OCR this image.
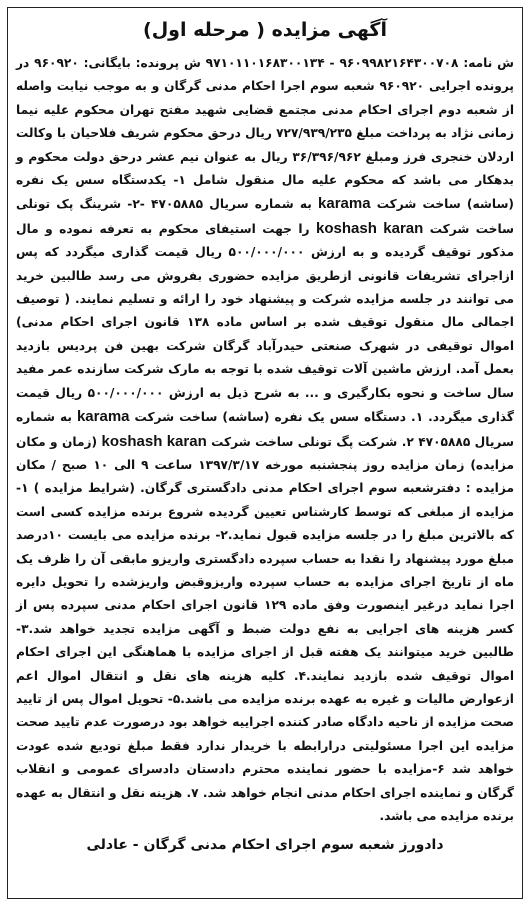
آگهی مزایده ( مرحله اول)

ش نامه: ۹۶۰۹۹۸۲۱۶۴۳۰۰۷۰۸ - ۹۷۱۰۱۱۰۱۶۸۳۰۰۱۳۴ ش پرونده: بایگانی: ۹۶۰۹۲۰ در پرونده اجرایی ۹۶۰۹۲۰ شعبه سوم اجرا احکام مدنی گرگان و به موجب نیابت واصله از شعبه دوم اجرای احکام مدنی مجتمع قضایی شهید مفتح تهران محکوم علیه نیما زمانی نژاد به پرداخت مبلغ ۷۲۷/۹۳۹/۲۳۵ ریال درحق محکوم شریف فلاحیان با وکالت اردلان خنجری فرز ومبلغ ۳۶/۳۹۶/۹۶۲ ریال به عنوان نیم عشر درحق دولت محکوم و بدهکار می باشد که محکوم علیه مال منقول شامل ۱- یکدستگاه سس یک نفره (ساشه) ساخت شرکت karama به شماره سریال ۴۷۰۵۸۸۵ -۲- شرینگ پک تونلی ساخت شرکت koshash karan را جهت استیفای محکوم به تعرفه نموده و مال مذکور توقیف گردیده و به ارزش ۵۰۰/۰۰۰/۰۰۰ ریال قیمت گذاری میگردد که پس ازاجرای تشریفات قانونی ازطریق مزایده حضوری بفروش می رسد طالبین خرید می توانند در جلسه مزایده شرکت و پیشنهاد خود را ارائه و تسلیم نمایند. ( توصیف اجمالی مال منقول توقیف شده بر اساس ماده ۱۳۸ قانون اجرای احکام مدنی) اموال توقیفی در شهرک صنعتی حیدرآباد گرگان شرکت بهین فن پردیس بازدید بعمل آمد. ارزش ماشین آلات توقیف شده با توجه به مارک شرکت سازنده عمر مفید سال ساخت و نحوه بکارگیری و ... به شرح ذیل به ارزش ۵۰۰/۰۰۰/۰۰۰ ریال قیمت گذاری میگردد. ۱. دستگاه سس یک نفره (ساشه) ساخت شرکت karama به شماره سریال ۴۷۰۵۸۸۵ ۲. شرکت پگ تونلی ساخت شرکت koshash karan (زمان و مکان مزایده) زمان مزایده روز پنجشنبه مورخه ۱۳۹۷/۳/۱۷ ساعت ۹ الی ۱۰ صبح / مکان مزایده : دفترشعبه سوم اجرای احکام مدنی دادگستری گرگان. (شرایط مزایده ) ۱- مزایده از مبلغی که توسط کارشناس تعیین گردیده شروع برنده مزایده کسی است که بالاترین مبلغ را در جلسه مزایده قبول نماید.۲- برنده مزایده می بایست ۱۰درصد مبلغ مورد پیشنهاد را نقدا به حساب سپرده دادگستری واریزو مابقی آن را ظرف یک ماه از تاریخ اجرای مزایده به حساب سپرده واریزوقبض واریزشده را تحویل دایره اجرا نماید درغیر اینصورت وفق ماده ۱۲۹ قانون اجرای احکام مدنی سپرده پس از کسر هزینه های اجرایی به نفع دولت ضبط و آگهی مزایده تجدید خواهد شد.۳-طالبین خرید میتوانند یک هفته قبل از اجرای مزایده با هماهنگی این اجرای احکام اموال توقیف شده بازدید نمایند.۴. کلیه هزینه های نقل و انتقال اموال اعم ازعوارض مالیات و غیره به عهده برنده مزایده می باشد.۵- تحویل اموال پس از تایید صحت مزایده از ناحیه دادگاه صادر کننده اجراییه خواهد بود درصورت عدم تایید صحت مزایده این اجرا مسئولیتی درارابطه با خریدار ندارد فقط مبلغ تودیع شده عودت خواهد شد ۶-مزایده با حضور نماینده محترم دادستان دادسرای عمومی و انقلاب گرگان و نماینده اجرای احکام مدنی انجام خواهد شد. ۷. هزینه نقل و انتقال به عهده برنده مزایده می باشد.

دادورز شعبه سوم اجرای احکام مدنی گرگان - عادلی
